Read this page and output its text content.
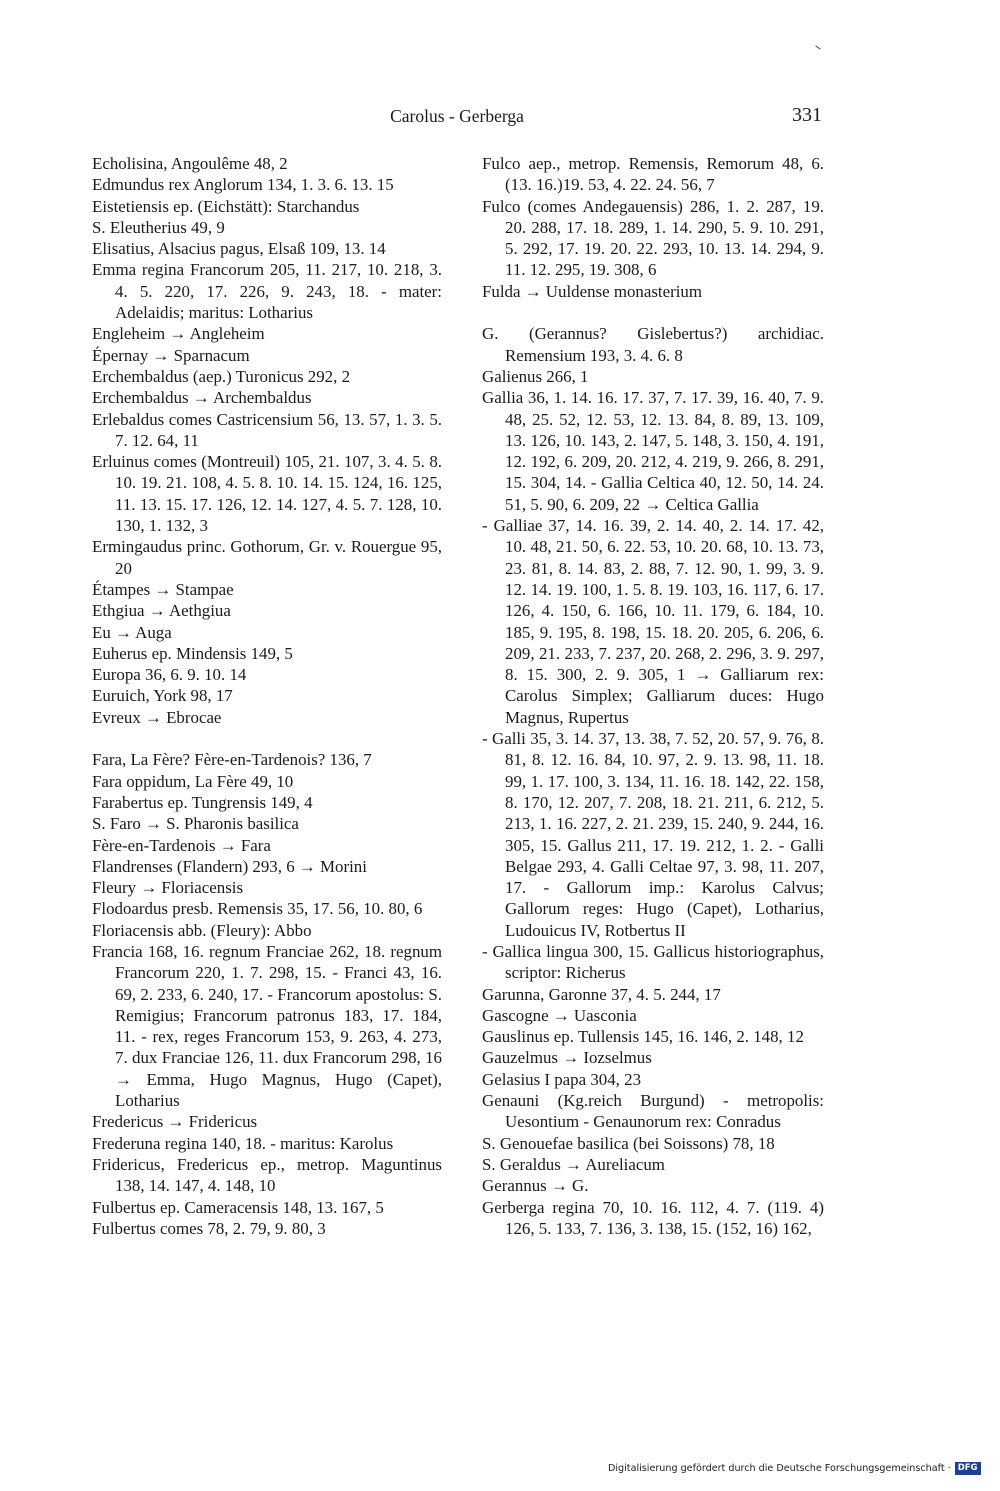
Carolus - Gerberga	331
Echolisina, Angoulême 48, 2
Edmundus rex Anglorum 134, 1. 3. 6. 13. 15
Eistetiensis ep. (Eichstätt): Starchandus
S. Eleutherius 49, 9
Elisatius, Alsacius pagus, Elsaß 109, 13. 14
Emma regina Francorum 205, 11. 217, 10. 218, 3. 4. 5. 220, 17. 226, 9. 243, 18. - mater: Adelaidis; maritus: Lotharius
Engleheim → Angleheim
Épernay → Sparnacum
Erchembaldus (aep.) Turonicus 292, 2
Erchembaldus → Archembaldus
Erlebaldus comes Castricensium 56, 13. 57, 1. 3. 5. 7. 12. 64, 11
Erluinus comes (Montreuil) 105, 21. 107, 3. 4. 5. 8. 10. 19. 21. 108, 4. 5. 8. 10. 14. 15. 124, 16. 125, 11. 13. 15. 17. 126, 12. 14. 127, 4. 5. 7. 128, 10. 130, 1. 132, 3
Ermingaudus princ. Gothorum, Gr. v. Rouergue 95, 20
Étampes → Stampae
Ethgiua → Aethgiua
Eu → Auga
Euherus ep. Mindensis 149, 5
Europa 36, 6. 9. 10. 14
Euruich, York 98, 17
Evreux → Ebrocae
Fara, La Fère? Fère-en-Tardenois? 136, 7
Fara oppidum, La Fère 49, 10
Farabertus ep. Tungrensis 149, 4
S. Faro → S. Pharonis basilica
Fère-en-Tardenois → Fara
Flandrenses (Flandern) 293, 6 → Morini
Fleury → Floriacensis
Flodoardus presb. Remensis 35, 17. 56, 10. 80, 6
Floriacensis abb. (Fleury): Abbo
Francia 168, 16. regnum Franciae 262, 18. regnum Francorum 220, 1. 7. 298, 15. - Franci 43, 16. 69, 2. 233, 6. 240, 17. - Francorum apostolus: S. Remigius; Francorum patronus 183, 17. 184, 11. - rex, reges Francorum 153, 9. 263, 4. 273, 7. dux Franciae 126, 11. dux Francorum 298, 16 → Emma, Hugo Magnus, Hugo (Capet), Lotharius
Fredericus → Fridericus
Frederuna regina 140, 18. - maritus: Karolus
Fridericus, Fredericus ep., metrop. Maguntinus 138, 14. 147, 4. 148, 10
Fulbertus ep. Cameracensis 148, 13. 167, 5
Fulbertus comes 78, 2. 79, 9. 80, 3
Fulco aep., metrop. Remensis, Remorum 48, 6.(13. 16.)19. 53, 4. 22. 24. 56, 7
Fulco (comes Andegauensis) 286, 1. 2. 287, 19. 20. 288, 17. 18. 289, 1. 14. 290, 5. 9. 10. 291, 5. 292, 17. 19. 20. 22. 293, 10. 13. 14. 294, 9. 11. 12. 295, 19. 308, 6
Fulda → Uuldense monasterium
G. (Gerannus? Gislebertus?) archidiac. Remensium 193, 3. 4. 6. 8
Galienus 266, 1
Gallia 36, 1. 14. 16. 17. 37, 7. 17. 39, 16. 40, 7. 9. 48, 25. 52, 12. 53, 12. 13. 84, 8. 89, 13. 109, 13. 126, 10. 143, 2. 147, 5. 148, 3. 150, 4. 191, 12. 192, 6. 209, 20. 212, 4. 219, 9. 266, 8. 291, 15. 304, 14. - Gallia Celtica 40, 12. 50, 14. 24. 51, 5. 90, 6. 209, 22 → Celtica Gallia
- Galliae 37, 14. 16. 39, 2. 14. 40, 2. 14. 17. 42, 10. 48, 21. 50, 6. 22. 53, 10. 20. 68, 10. 13. 73, 23. 81, 8. 14. 83, 2. 88, 7. 12. 90, 1. 99, 3. 9. 12. 14. 19. 100, 1. 5. 8. 19. 103, 16. 117, 6. 17. 126, 4. 150, 6. 166, 10. 11. 179, 6. 184, 10. 185, 9. 195, 8. 198, 15. 18. 20. 205, 6. 206, 6. 209, 21. 233, 7. 237, 20. 268, 2. 296, 3. 9. 297, 8. 15. 300, 2. 9. 305, 1 → Galliarum rex: Carolus Simplex; Galliarum duces: Hugo Magnus, Rupertus
- Galli 35, 3. 14. 37, 13. 38, 7. 52, 20. 57, 9. 76, 8. 81, 8. 12. 16. 84, 10. 97, 2. 9. 13. 98, 11. 18. 99, 1. 17. 100, 3. 134, 11. 16. 18. 142, 22. 158, 8. 170, 12. 207, 7. 208, 18. 21. 211, 6. 212, 5. 213, 1. 16. 227, 2. 21. 239, 15. 240, 9. 244, 16. 305, 15. Gallus 211, 17. 19. 212, 1. 2. - Galli Belgae 293, 4. Galli Celtae 97, 3. 98, 11. 207, 17. - Gallorum imp.: Karolus Calvus; Gallorum reges: Hugo (Capet), Lotharius, Ludouicus IV, Rotbertus II
- Gallica lingua 300, 15. Gallicus historiographus, scriptor: Richerus
Garunna, Garonne 37, 4. 5. 244, 17
Gascogne → Uasconia
Gauslinus ep. Tullensis 145, 16. 146, 2. 148, 12
Gauzelmus → Iozselmus
Gelasius I papa 304, 23
Genauni (Kg.reich Burgund) - metropolis: Uesontium - Genaunorum rex: Conradus
S. Genouefae basilica (bei Soissons) 78, 18
S. Geraldus → Aureliacum
Gerannus → G.
Gerberga regina 70, 10. 16. 112, 4. 7. (119. 4) 126, 5. 133, 7. 136, 3. 138, 15. (152, 16) 162,
Digitalisierung gefördert durch die Deutsche Forschungsgemeinschaft · DFG
